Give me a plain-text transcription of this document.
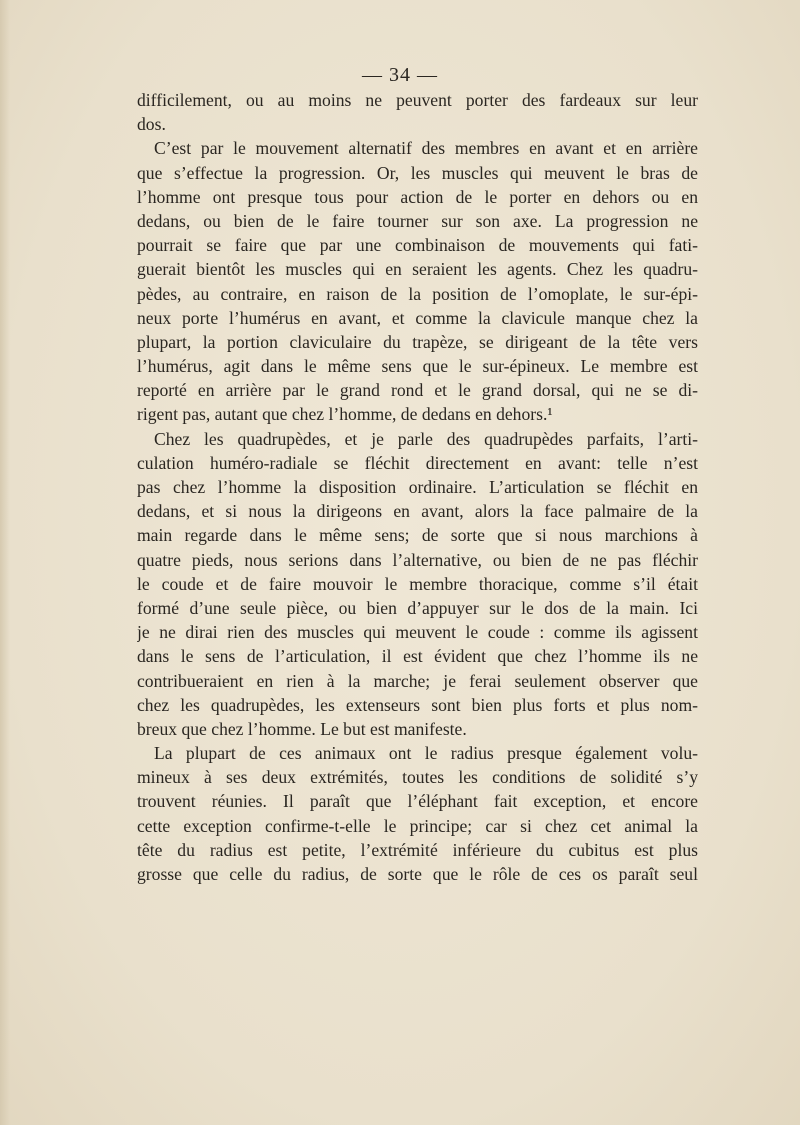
— 34 —
difficilement, ou au moins ne peuvent porter des fardeaux sur leur
dos.
C’est par le mouvement alternatif des membres en avant et en arrière
que s’effectue la progression. Or, les muscles qui meuvent le bras de
l’homme ont presque tous pour action de le porter en dehors ou en
dedans, ou bien de le faire tourner sur son axe. La progression ne
pourrait se faire que par une combinaison de mouvements qui fati-
guerait bientôt les muscles qui en seraient les agents. Chez les quadru-
pèdes, au contraire, en raison de la position de l’omoplate, le sur-épi-
neux porte l’humérus en avant, et comme la clavicule manque chez la
plupart, la portion claviculaire du trapèze, se dirigeant de la tête vers
l’humérus, agit dans le même sens que le sur-épineux. Le membre est
reporté en arrière par le grand rond et le grand dorsal, qui ne se di-
rigent pas, autant que chez l’homme, de dedans en dehors.¹
Chez les quadrupèdes, et je parle des quadrupèdes parfaits, l’arti-
culation huméro-radiale se fléchit directement en avant: telle n’est
pas chez l’homme la disposition ordinaire. L’articulation se fléchit en
dedans, et si nous la dirigeons en avant, alors la face palmaire de la
main regarde dans le même sens; de sorte que si nous marchions à
quatre pieds, nous serions dans l’alternative, ou bien de ne pas fléchir
le coude et de faire mouvoir le membre thoracique, comme s’il était
formé d’une seule pièce, ou bien d’appuyer sur le dos de la main. Ici
je ne dirai rien des muscles qui meuvent le coude : comme ils agissent
dans le sens de l’articulation, il est évident que chez l’homme ils ne
contribueraient en rien à la marche; je ferai seulement observer que
chez les quadrupèdes, les extenseurs sont bien plus forts et plus nom-
breux que chez l’homme. Le but est manifeste.
La plupart de ces animaux ont le radius presque également volu-
mineux à ses deux extrémités, toutes les conditions de solidité s’y
trouvent réunies. Il paraît que l’éléphant fait exception, et encore
cette exception confirme-t-elle le principe; car si chez cet animal la
tête du radius est petite, l’extrémité inférieure du cubitus est plus
grosse que celle du radius, de sorte que le rôle de ces os paraît seul
